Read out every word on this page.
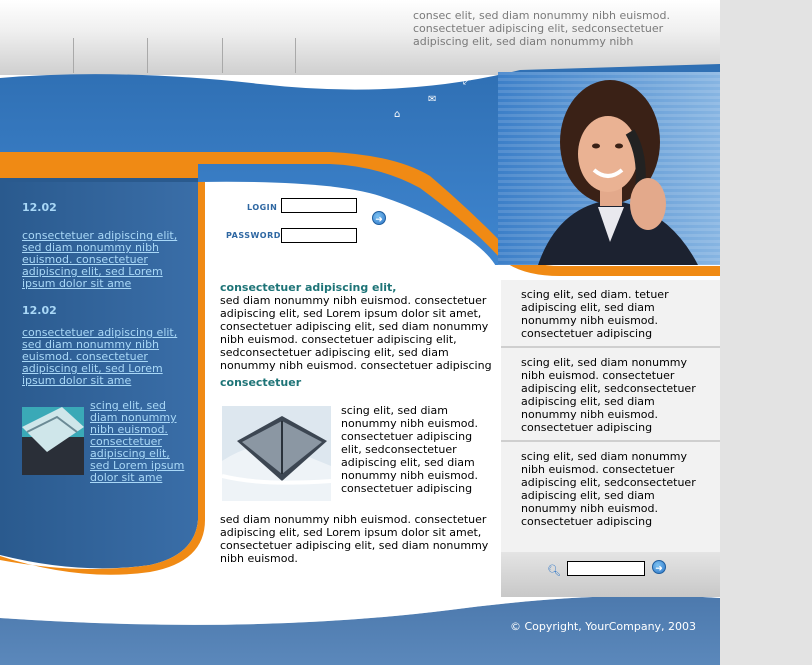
consec elit, sed diam nonummy nibh euismod. consectetuer adipiscing elit, sedconsectetuer adipiscing elit, sed diam nonummy nibh
⌂
✉
⤢
12.02
consectetuer adipiscing elit, sed diam nonummy nibh euismod. consectetuer adipiscing elit, sed Lorem ipsum dolor sit ame
12.02
consectetuer adipiscing elit, sed diam nonummy nibh euismod. consectetuer adipiscing elit, sed Lorem ipsum dolor sit ame
scing elit, sed diam nonummy nibh euismod. consectetuer adipiscing elit, sed Lorem ipsum dolor sit ame
LOGIN
PASSWORD
➜
consectetuer adipiscing elit,
sed diam nonummy nibh euismod. consectetuer adipiscing elit, sed Lorem ipsum dolor sit amet, consectetuer adipiscing elit, sed diam nonummy nibh euismod. consectetuer adipiscing elit, sedconsectetuer adipiscing elit, sed diam nonummy nibh euismod. consectetuer adipiscing
consectetuer
scing elit, sed diam nonummy nibh euismod. consectetuer adipiscing elit, sedconsectetuer adipiscing elit, sed diam nonummy nibh euismod. consectetuer adipiscing
sed diam nonummy nibh euismod. consectetuer adipiscing elit, sed Lorem ipsum dolor sit amet, consectetuer adipiscing elit, sed diam nonummy nibh euismod.
scing elit, sed diam. tetuer adipiscing elit, sed diam nonummy nibh euismod. consectetuer adipiscing
scing elit, sed diam nonummy nibh euismod. consectetuer adipiscing elit, sedconsectetuer adipiscing elit, sed diam nonummy nibh euismod. consectetuer adipiscing
scing elit, sed diam nonummy nibh euismod. consectetuer adipiscing elit, sedconsectetuer adipiscing elit, sed diam nonummy nibh euismod. consectetuer adipiscing
🔍︎	➜
© Copyright, YourCompany, 2003
